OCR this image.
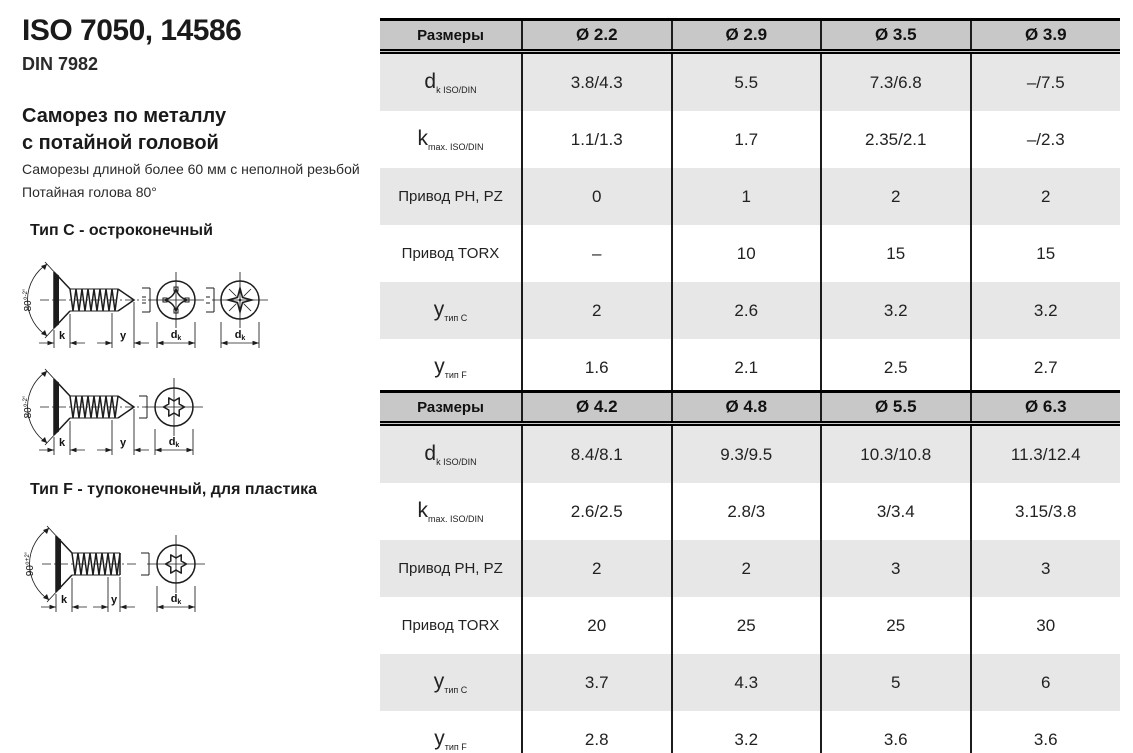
ISO 7050, 14586
DIN 7982
Саморез по металлу
с потайной головой
Саморезы длиной более 60 мм с неполной резьбой
Потайная голова 80°
Тип C - остроконечный
Тип F - тупоконечный, для пластика
80°$^{-2^\circ}$
80°$^{-2^\circ}$
90°$^{+2^\circ}$
Размеры	Ø 2.2	Ø 2.9	Ø 3.5	Ø 3.9
$d_{k ISO/DIN}$	3.8/4.3	5.5	7.3/6.8	–/7.5
$k_{max. ISO/DIN}$	1.1/1.3	1.7	2.35/2.1	–/2.3
Привод PH, PZ	0	1	2	2
Привод TORX	–	10	15	15
$y_{тип C}$	2	2.6	3.2	3.2
$y_{тип F}$	1.6	2.1	2.5	2.7
Размеры	Ø 4.2	Ø 4.8	Ø 5.5	Ø 6.3
$d_{k ISO/DIN}$	8.4/8.1	9.3/9.5	10.3/10.8	11.3/12.4
$k_{max. ISO/DIN}$	2.6/2.5	2.8/3	3/3.4	3.15/3.8
Привод PH, PZ	2	2	3	3
Привод TORX	20	25	25	30
$y_{тип C}$	3.7	4.3	5	6
$y_{тип F}$	2.8	3.2	3.6	3.6
